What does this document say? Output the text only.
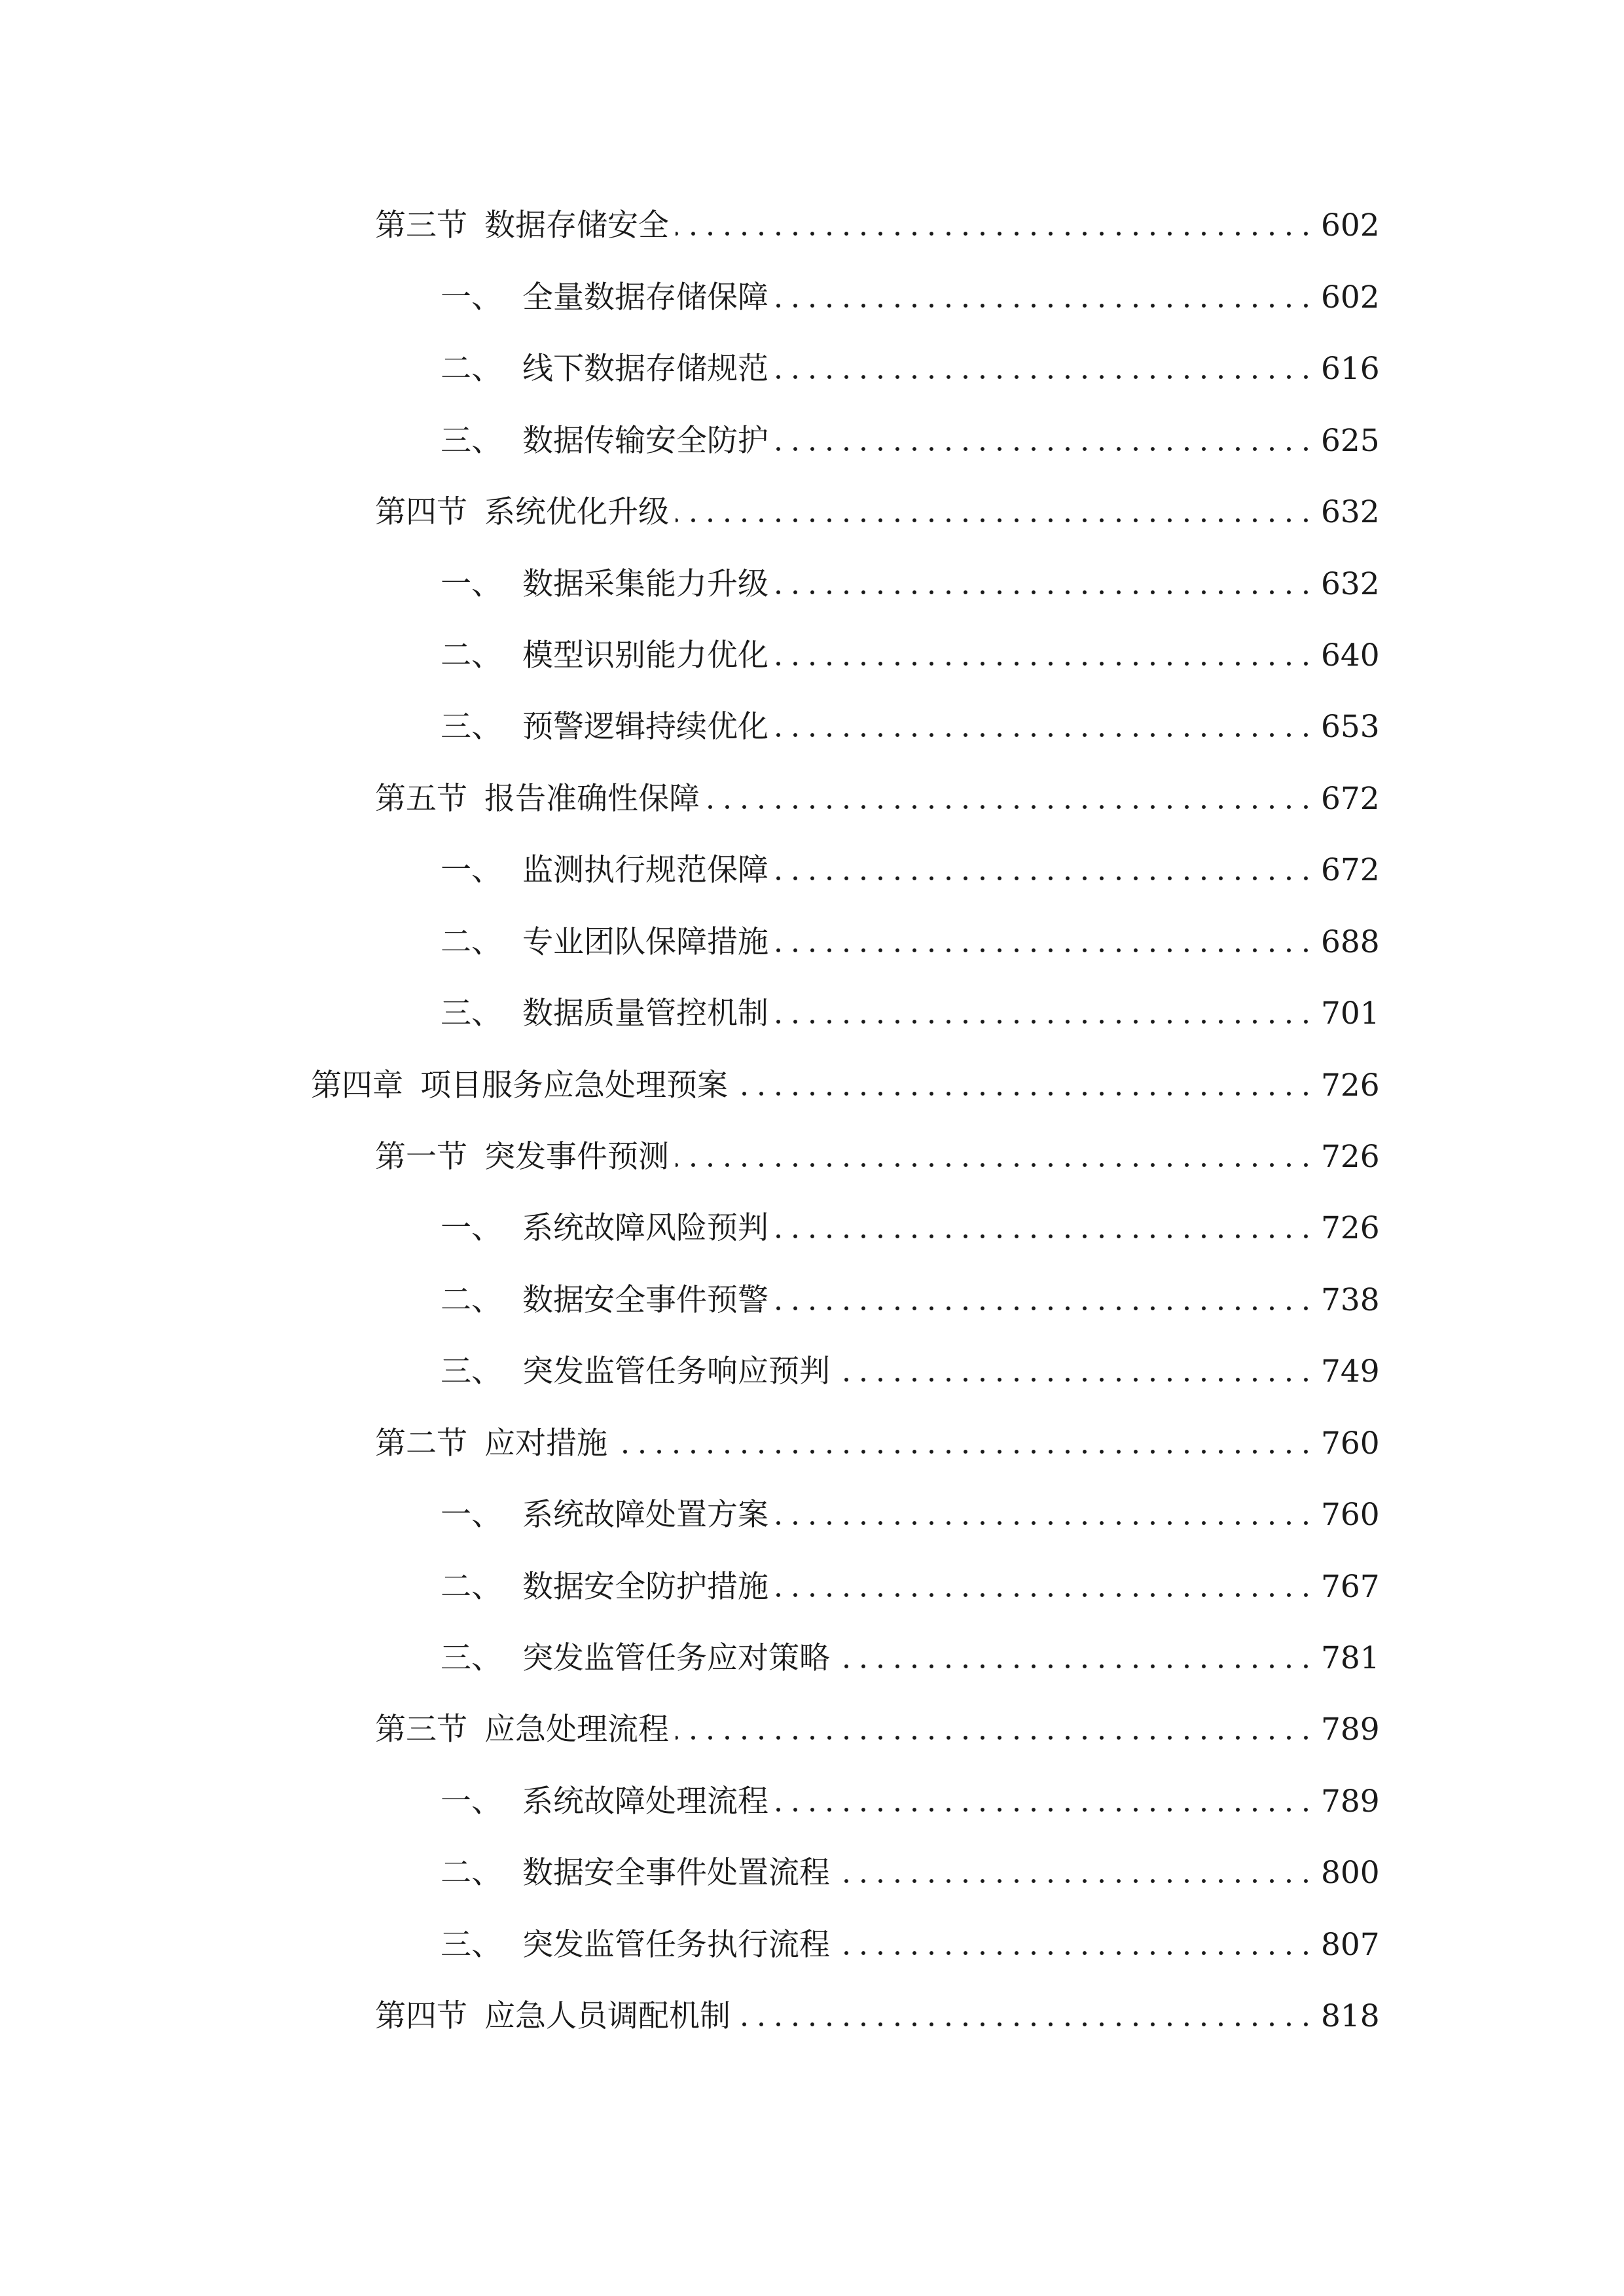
第三节 数据存储安全	602
一、 全量数据存储保障	602
二、 线下数据存储规范	616
三、 数据传输安全防护	625
第四节 系统优化升级	632
一、 数据采集能力升级	632
二、 模型识别能力优化	640
三、 预警逻辑持续优化	653
第五节 报告准确性保障	672
一、 监测执行规范保障	672
二、 专业团队保障措施	688
三、 数据质量管控机制	701
第四章 项目服务应急处理预案	726
第一节 突发事件预测	726
一、 系统故障风险预判	726
二、 数据安全事件预警	738
三、 突发监管任务响应预判	749
第二节 应对措施	760
一、 系统故障处置方案	760
二、 数据安全防护措施	767
三、 突发监管任务应对策略	781
第三节 应急处理流程	789
一、 系统故障处理流程	789
二、 数据安全事件处置流程	800
三、 突发监管任务执行流程	807
第四节 应急人员调配机制	818
